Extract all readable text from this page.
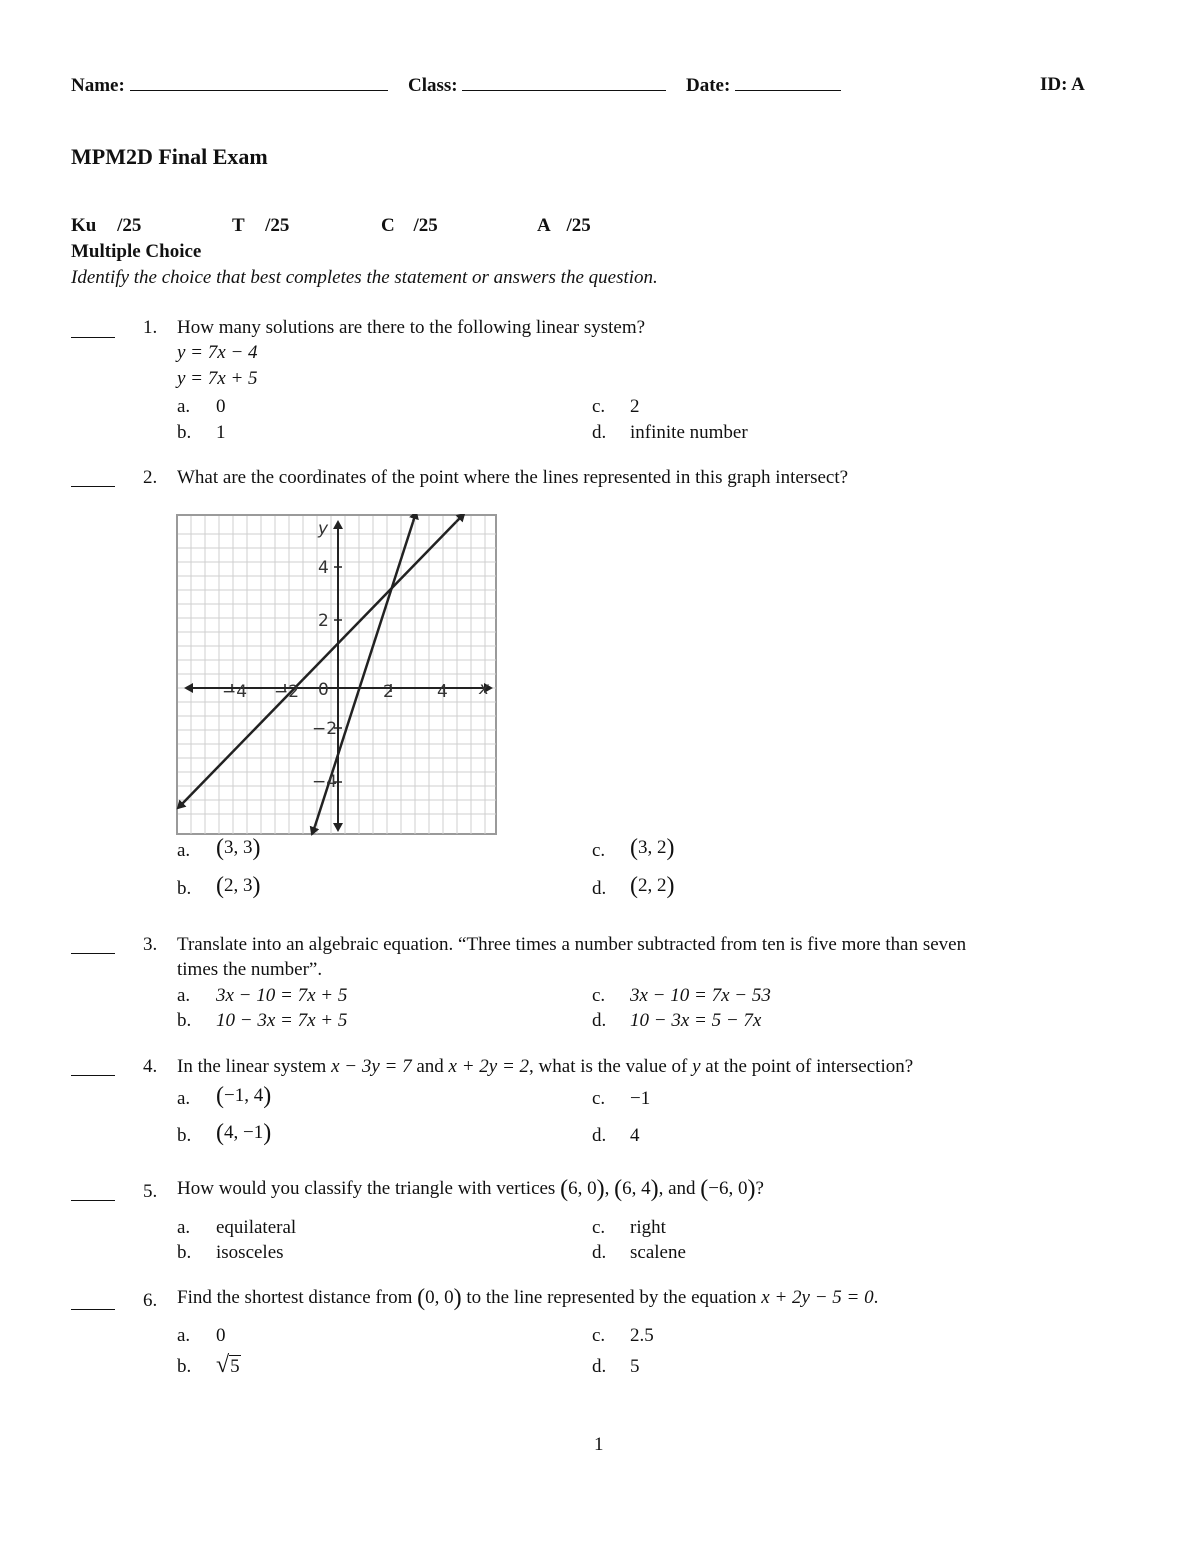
Name:	Class:	Date:	ID: A
MPM2D Final Exam
Ku /25	T /25	C /25	A /25
Multiple Choice
Identify the choice that best completes the statement or answers the question.
1. How many solutions are there to the following linear system?
y = 7x − 4
y = 7x + 5
a. 0
b. 1
c. 2
d. infinite number
2. What are the coordinates of the point where the lines represented in this graph intersect?
−4 −2 0	2	4
4
2
−2
−4
x
y
a. (3, 3)
b. (2, 3)
c. (3, 2)
d. (2, 2)
3. Translate into an algebraic equation. “Three times a number subtracted from ten is five more than seven
times the number”.
a. 3x − 10 = 7x + 5
b. 10 − 3x = 7x + 5
c. 3x − 10 = 7x − 53
d. 10 − 3x = 5 − 7x
4. In the linear system x − 3y = 7 and x + 2y = 2, what is the value of y at the point of intersection?
a. (−1, 4)
b. (4, −1)
c. −1
d. 4
5. How would you classify the triangle with vertices (6, 0), (6, 4), and (−6, 0)?
a. equilateral
b. isosceles
c. right
d. scalene
6. Find the shortest distance from (0, 0) to the line represented by the equation x + 2y − 5 = 0.
a. 0
b. √5
c. 2.5
d. 5
1
